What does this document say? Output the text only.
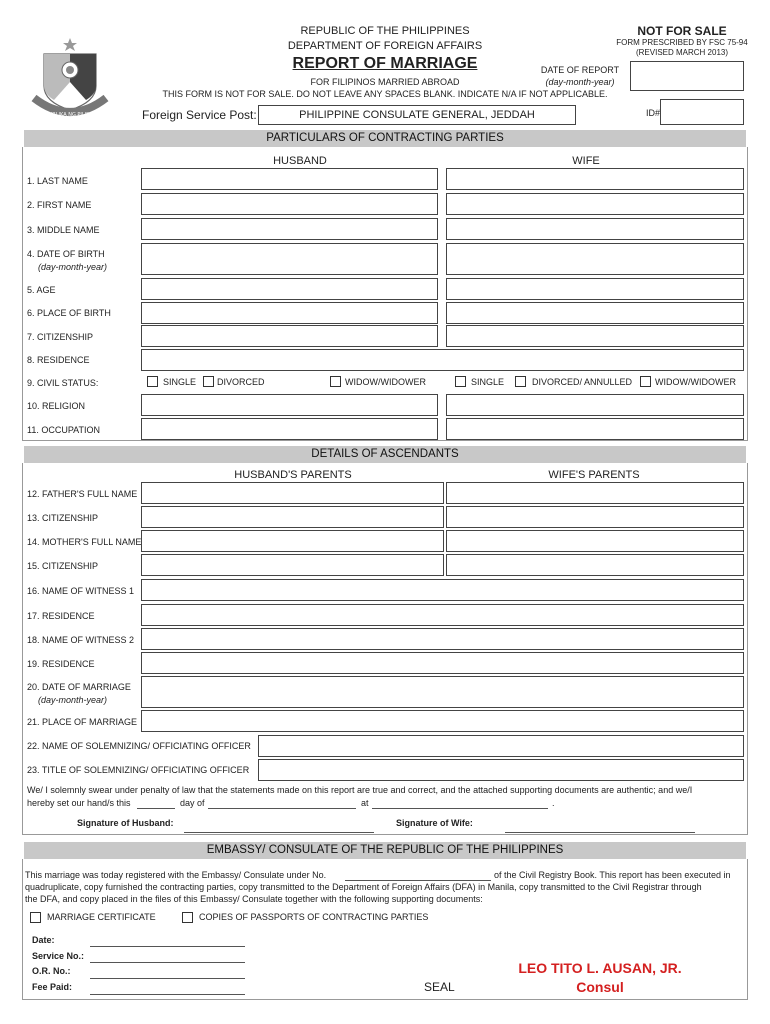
REPUBLIKA NG PILIPINAS
REPUBLIC OF THE PHILIPPINES
DEPARTMENT OF FOREIGN AFFAIRS
REPORT OF MARRIAGE
FOR FILIPINOS MARRIED ABROAD
THIS FORM IS NOT FOR SALE. DO NOT LEAVE ANY SPACES BLANK. INDICATE N/A IF NOT APPLICABLE.
NOT FOR SALE
FORM PRESCRIBED BY FSC 75-94
(REVISED MARCH 2013)
DATE OF REPORT
(day-month-year)
Foreign Service Post:	PHILIPPINE CONSULATE GENERAL, JEDDAH	ID#
PARTICULARS OF CONTRACTING PARTIES
HUSBAND	WIFE
1. LAST NAME
2. FIRST NAME
3. MIDDLE NAME
4. DATE OF BIRTH
(day-month-year)
5. AGE
6. PLACE OF BIRTH
7. CITIZENSHIP
8. RESIDENCE
9. CIVIL STATUS:	SINGLE DIVORCED	WIDOW/WIDOWER	SINGLE	DIVORCED/ ANNULLED	WIDOW/WIDOWER
10. RELIGION
11. OCCUPATION
DETAILS OF ASCENDANTS
HUSBAND'S PARENTS	WIFE'S PARENTS
12. FATHER'S FULL NAME
13. CITIZENSHIP
14. MOTHER'S FULL NAME
15. CITIZENSHIP
16. NAME OF WITNESS 1
17. RESIDENCE
18. NAME OF WITNESS 2
19. RESIDENCE
20. DATE OF MARRIAGE
(day-month-year)
21. PLACE OF MARRIAGE
22. NAME OF SOLEMNIZING/ OFFICIATING OFFICER
23. TITLE OF SOLEMNIZING/ OFFICIATING OFFICER
We/ I solemnly swear under penalty of law that the statements made on this report are true and correct, and the attached supporting documents are authentic; and we/I
hereby set our hand/s this	day of	at	.
Signature of Husband:	Signature of Wife:
EMBASSY/ CONSULATE OF THE REPUBLIC OF THE PHILIPPINES
This marriage was today registered with the Embassy/ Consulate under No.	of the Civil Registry Book. This report has been executed in
quadruplicate, copy furnished the contracting parties, copy transmitted to the Department of Foreign Affairs (DFA) in Manila, copy transmitted to the Civil Registrar through
the DFA, and copy placed in the files of this Embassy/ Consulate together with the following supporting documents:
MARRIAGE CERTIFICATE	COPIES OF PASSPORTS OF CONTRACTING PARTIES
Date:
Service No.:
O.R. No.:
Fee Paid:	SEAL
LEO TITO L. AUSAN, JR.
Consul
